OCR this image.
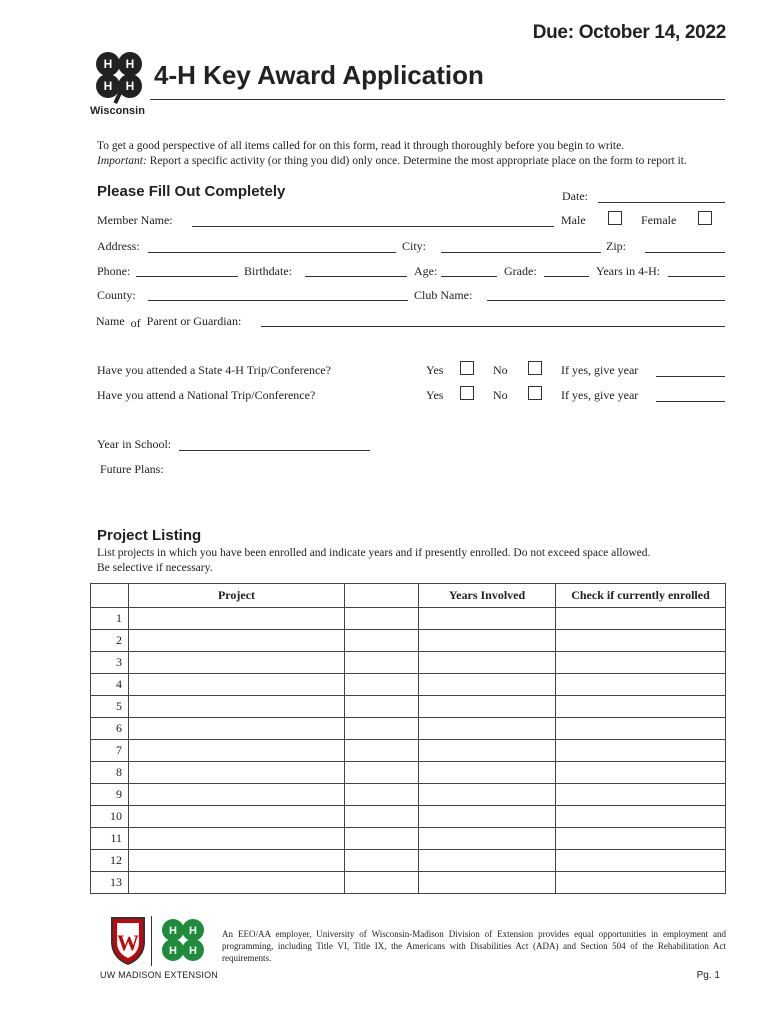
Due: October 14, 2022
H H
H H
Wisconsin
4-H Key Award Application
To get a good perspective of all items called for on this form, read it through thoroughly before you begin to write.
Important: Report a specific activity (or thing you did) only once. Determine the most appropriate place on the form to report it.
Please Fill Out Completely	Date:
Member Name:	Male	Female
Address:	City:	Zip:
Phone:	Birthdate:	Age:	Grade:	Years in 4-H:
County:	Club Name:
Name of Parent or Guardian:
Have you attended a State 4-H Trip/Conference?	Yes	No	If yes, give year
Have you attend a National Trip/Conference?	Yes	No	If yes, give year
Year in School:
Future Plans:
Project Listing
List projects in which you have been enrolled and indicate years and if presently enrolled. Do not exceed space allowed.
Be selective if necessary.
	Project		Years Involved	Check if currently enrolled
1				
2				
3				
4				
5				
6				
7				
8				
9				
10				
11				
12				
13				
W	H H
H H
UW MADISON EXTENSION
An EEO/AA employer, University of Wisconsin-Madison Division of Extension provides equal opportunities in employment and programming, including Title VI, Title IX, the Americans with Disabilities Act (ADA) and Section 504 of the Rehabilitation Act requirements.
Pg. 1
